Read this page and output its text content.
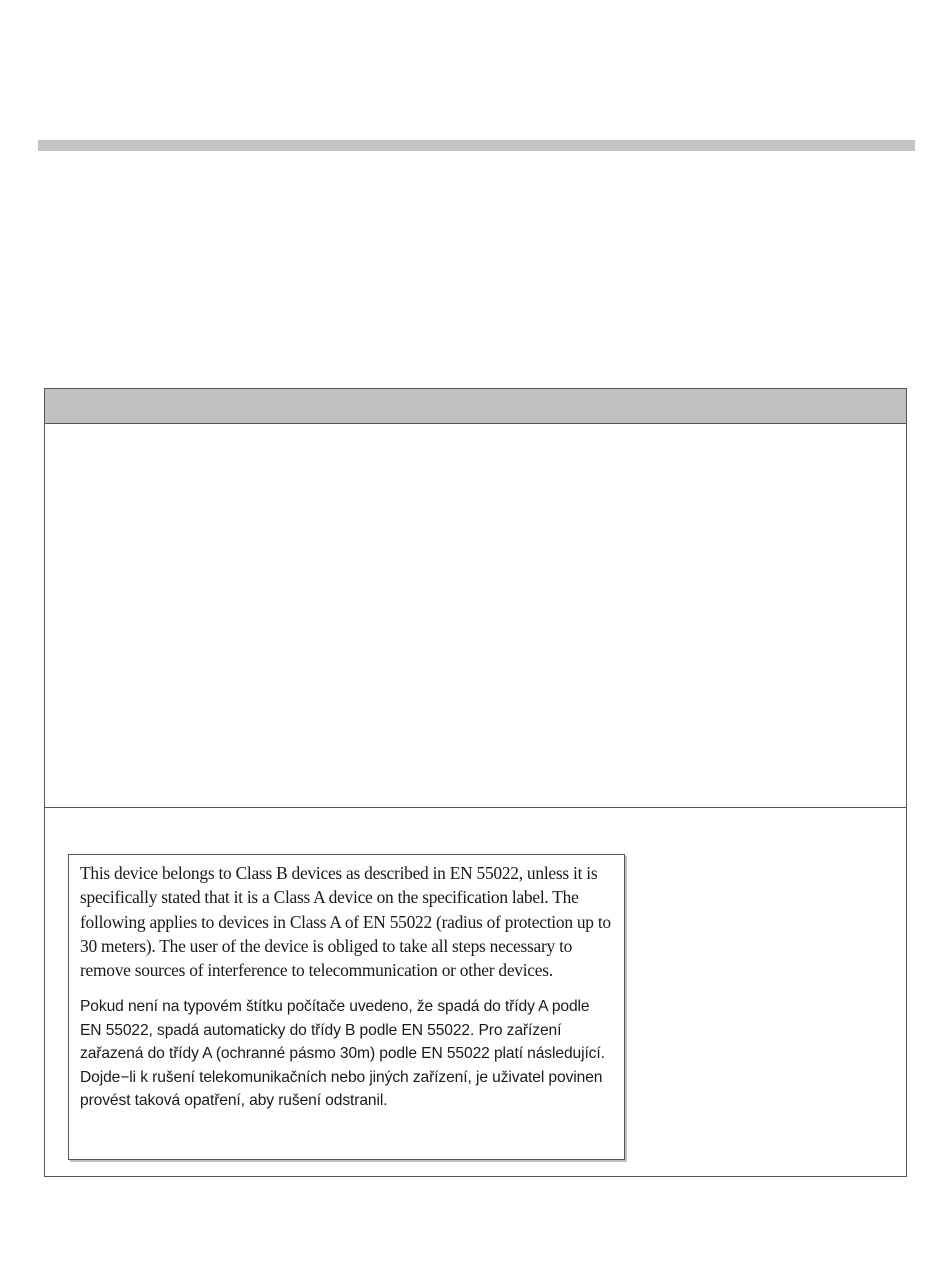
This device belongs to Class B devices as described in EN 55022, unless it is specifically stated that it is a Class A device on the specification label. The following applies to devices in Class A of EN 55022 (radius of protection up to 30 meters). The user of the device is obliged to take all steps necessary to remove sources of interference to telecommunication or other devices.

Pokud není na typovém štítku počítače uvedeno, že spadá do třídy A podle EN 55022, spadá automaticky do třídy B podle EN 55022. Pro zařízení zařazená do třídy A (ochranné pásmo 30m) podle EN 55022 platí následující. Dojde−li k rušení telekomunikačních nebo jiných zařízení, je uživatel povinen provést taková opatření, aby rušení odstranil.
